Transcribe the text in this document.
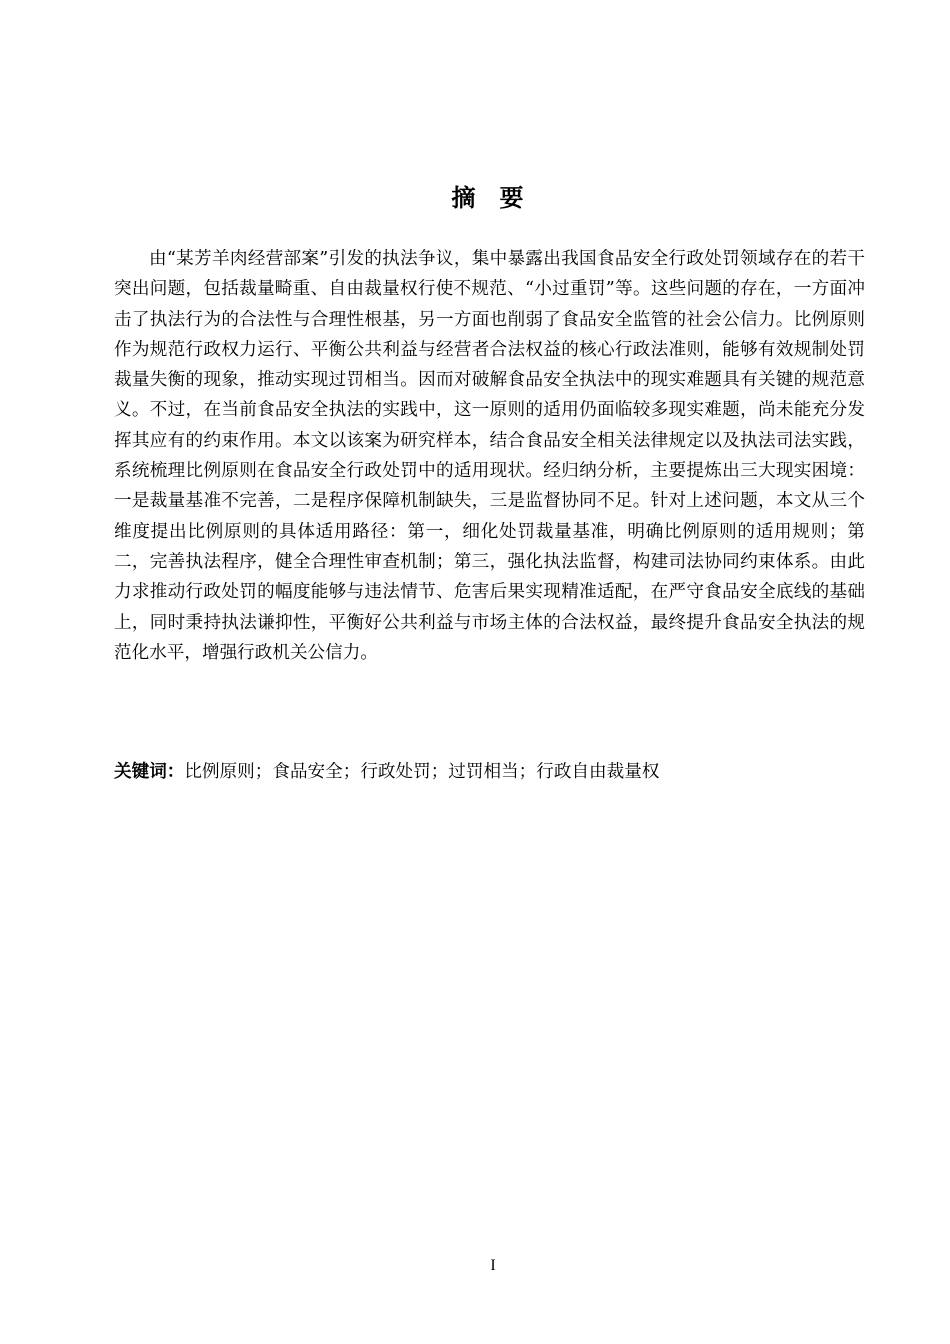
摘 要

由“某芳羊肉经营部案”引发的执法争议，集中暴露出我国食品安全行政处罚领域存在的若干突出问题，包括裁量畸重、自由裁量权行使不规范、“小过重罚”等。这些问题的存在，一方面冲击了执法行为的合法性与合理性根基，另一方面也削弱了食品安全监管的社会公信力。比例原则作为规范行政权力运行、平衡公共利益与经营者合法权益的核心行政法准则，能够有效规制处罚裁量失衡的现象，推动实现过罚相当。因而对破解食品安全执法中的现实难题具有关键的规范意义。不过，在当前食品安全执法的实践中，这一原则的适用仍面临较多现实难题，尚未能充分发挥其应有的约束作用。本文以该案为研究样本，结合食品安全相关法律规定以及执法司法实践，系统梳理比例原则在食品安全行政处罚中的适用现状。经归纳分析，主要提炼出三大现实困境：一是裁量基准不完善，二是程序保障机制缺失，三是监督协同不足。针对上述问题，本文从三个维度提出比例原则的具体适用路径：第一，细化处罚裁量基准，明确比例原则的适用规则；第二，完善执法程序，健全合理性审查机制；第三，强化执法监督，构建司法协同约束体系。由此力求推动行政处罚的幅度能够与违法情节、危害后果实现精准适配，在严守食品安全底线的基础上，同时秉持执法谦抑性，平衡好公共利益与市场主体的合法权益，最终提升食品安全执法的规范化水平，增强行政机关公信力。

关键词：比例原则；食品安全；行政处罚；过罚相当；行政自由裁量权

I
